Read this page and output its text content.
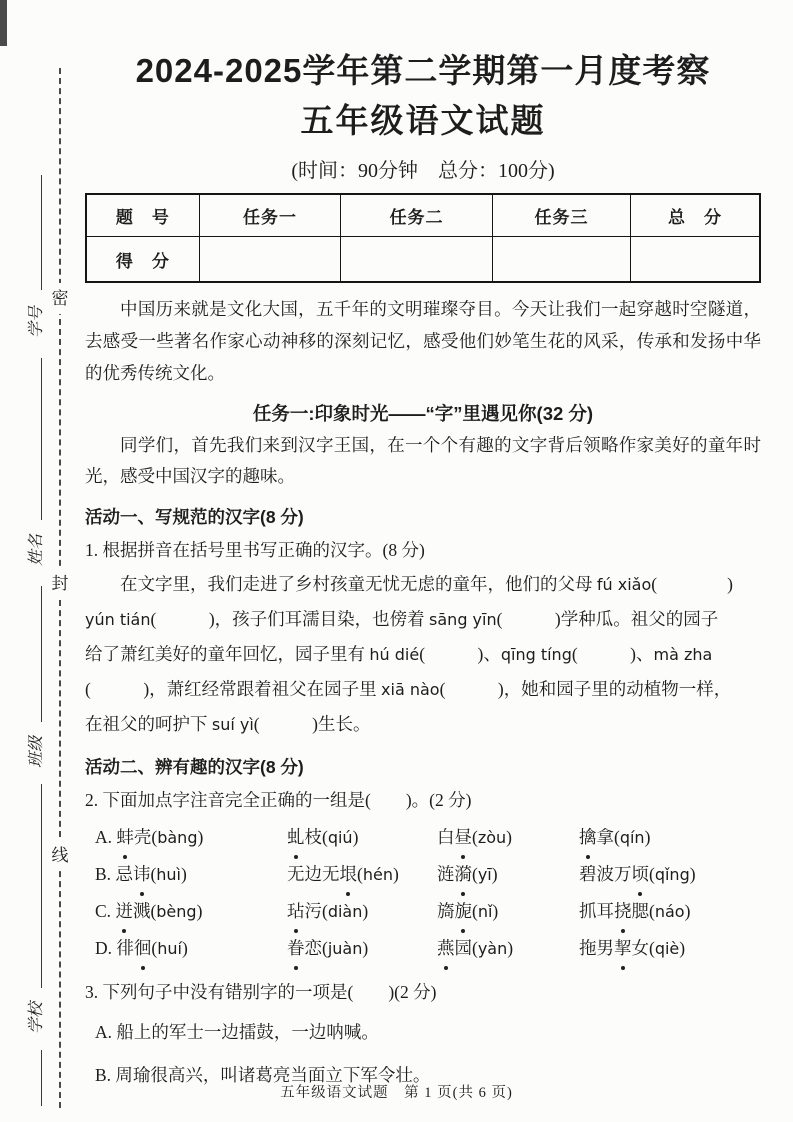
学号
姓名
班级
学校
密
封
线
2024-2025学年第二学期第一月度考察
五年级语文试题
(时间：90分钟　总分：100分)
题　号	任务一	任务二	任务三	总　分
得　分				

中国历来就是文化大国，五千年的文明璀璨夺目。今天让我们一起穿越时空隧道，去感受一些著名作家心动神移的深刻记忆，感受他们妙笔生花的风采，传承和发扬中华的优秀传统文化。

任务一:印象时光——“字”里遇见你(32 分)

同学们，首先我们来到汉字王国，在一个个有趣的文字背后领略作家美好的童年时光，感受中国汉字的趣味。

活动一、写规范的汉字(8 分)
1. 根据拼音在括号里书写正确的汉字。(8 分)
在文字里，我们走进了乡村孩童无忧无虑的童年，他们的父母 fú xiǎo(　　　　)
yún tián(　　　)，孩子们耳濡目染，也傍着 sāng yīn(　　　)学种瓜。祖父的园子
给了萧红美好的童年回忆，园子里有 hú dié(　　　)、qīng tíng(　　　)、mà zha
(　　　)，萧红经常跟着祖父在园子里 xiā nào(　　　)，她和园子里的动植物一样，
在祖父的呵护下 suí yì(　　　)生长。
活动二、辨有趣的汉字(8 分)
2. 下面加点字注音完全正确的一组是(　　)。(2 分)
A. 蚌壳(bàng)	虬枝(qiú)	白昼(zòu)	擒拿(qín)
B. 忌讳(huì)	无边无垠(hén)	涟漪(yī)	碧波万顷(qǐng)
C. 迸溅(bèng)	玷污(diàn)	旖旎(nǐ)	抓耳挠腮(náo)
D. 徘徊(huí)	眷恋(juàn)	燕园(yàn)	拖男挈女(qiè)
3. 下列句子中没有错别字的一项是(　　)(2 分)
A. 船上的军士一边擂鼓，一边呐喊。
B. 周瑜很高兴，叫诸葛亮当面立下军令壮。
五年级语文试题　第 1 页(共 6 页)
